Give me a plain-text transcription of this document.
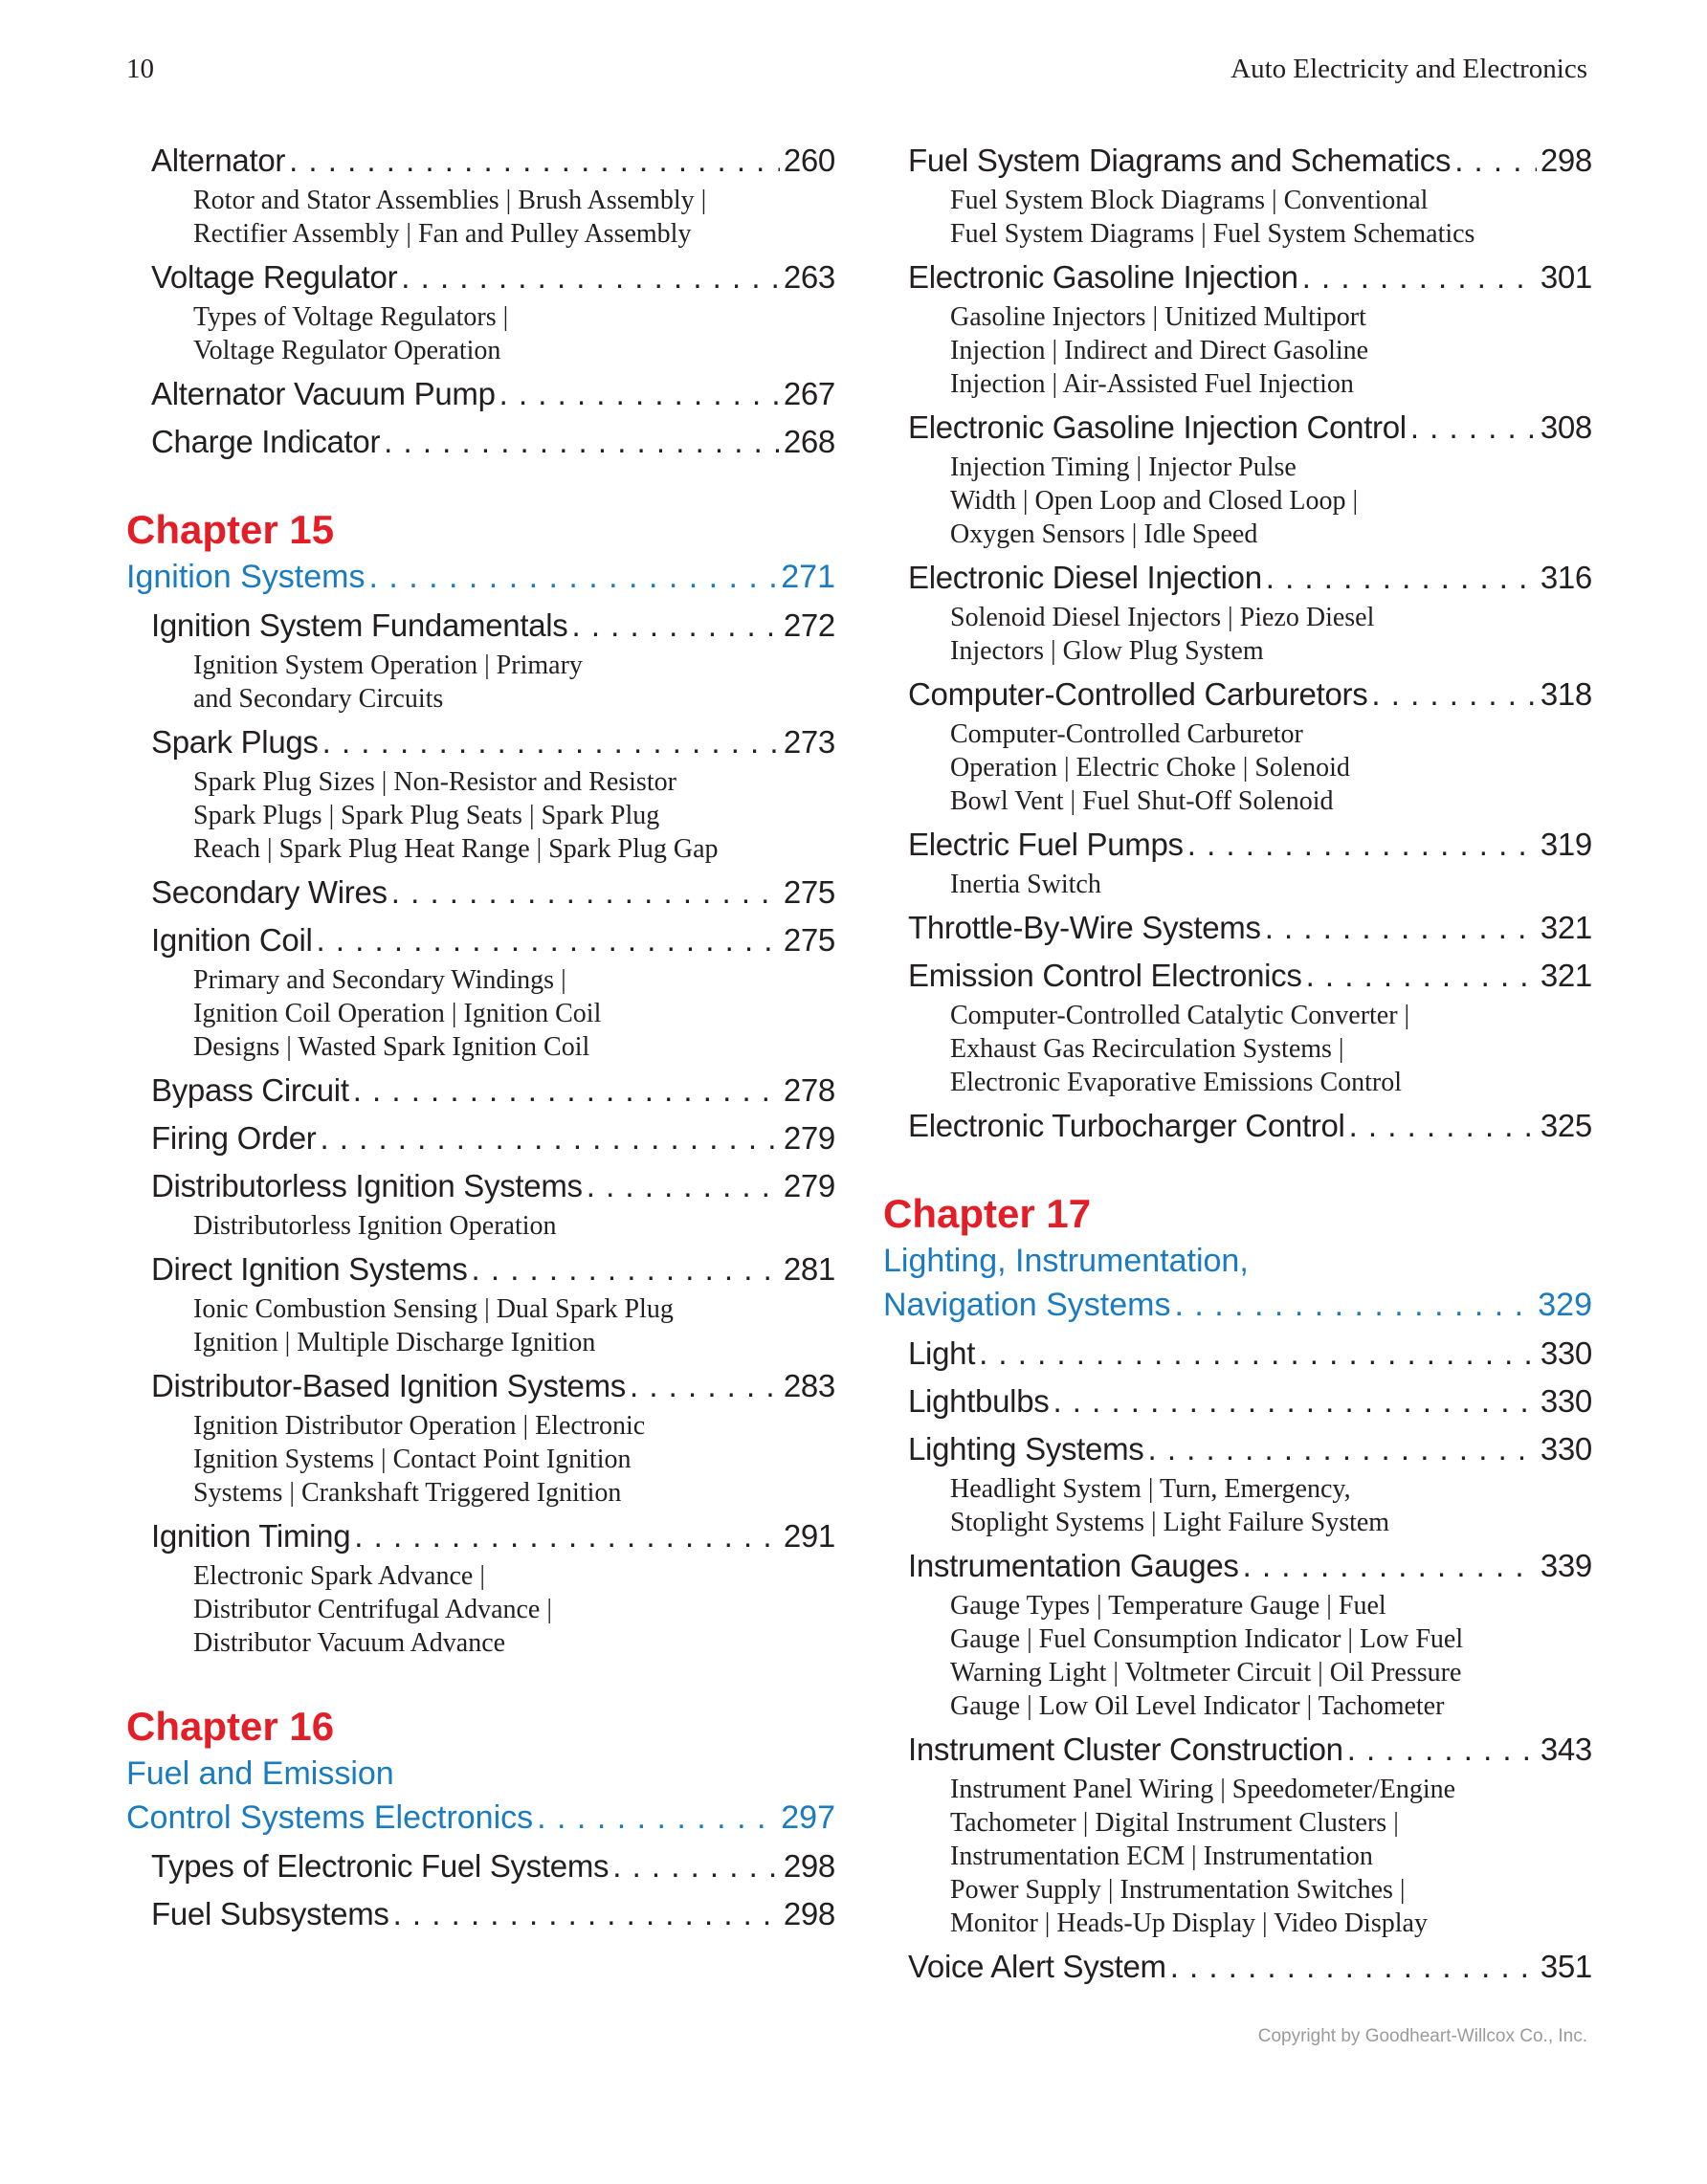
10	Auto Electricity and Electronics
Alternator . . .	260
Rotor and Stator Assemblies | Brush Assembly |
Rectifier Assembly | Fan and Pulley Assembly
Voltage Regulator . . .	263
Types of Voltage Regulators |
Voltage Regulator Operation
Alternator Vacuum Pump . . .	267
Charge Indicator . . .	268
Chapter 15
Ignition Systems . . .	271
Ignition System Fundamentals . . .	272
Ignition System Operation | Primary
and Secondary Circuits
Spark Plugs . . .	273
Spark Plug Sizes | Non-Resistor and Resistor
Spark Plugs | Spark Plug Seats | Spark Plug
Reach | Spark Plug Heat Range | Spark Plug Gap
Secondary Wires . . .	275
Ignition Coil . . .	275
Primary and Secondary Windings |
Ignition Coil Operation | Ignition Coil
Designs | Wasted Spark Ignition Coil
Bypass Circuit . . .	278
Firing Order . . .	279
Distributorless Ignition Systems . . .	279
Distributorless Ignition Operation
Direct Ignition Systems . . .	281
Ionic Combustion Sensing | Dual Spark Plug
Ignition | Multiple Discharge Ignition
Distributor-Based Ignition Systems . . .	283
Ignition Distributor Operation | Electronic
Ignition Systems | Contact Point Ignition
Systems | Crankshaft Triggered Ignition
Ignition Timing . . .	291
Electronic Spark Advance |
Distributor Centrifugal Advance |
Distributor Vacuum Advance
Chapter 16
Fuel and Emission
Control Systems Electronics . . .	297
Types of Electronic Fuel Systems . . .	298
Fuel Subsystems . . .	298
Fuel System Diagrams and Schematics . . .	298
Fuel System Block Diagrams | Conventional
Fuel System Diagrams | Fuel System Schematics
Electronic Gasoline Injection . . .	301
Gasoline Injectors | Unitized Multiport
Injection | Indirect and Direct Gasoline
Injection | Air-Assisted Fuel Injection
Electronic Gasoline Injection Control . . .	308
Injection Timing | Injector Pulse
Width | Open Loop and Closed Loop |
Oxygen Sensors | Idle Speed
Electronic Diesel Injection . . .	316
Solenoid Diesel Injectors | Piezo Diesel
Injectors | Glow Plug System
Computer-Controlled Carburetors . . .	318
Computer-Controlled Carburetor
Operation | Electric Choke | Solenoid
Bowl Vent | Fuel Shut-Off Solenoid
Electric Fuel Pumps . . .	319
Inertia Switch
Throttle-By-Wire Systems . . .	321
Emission Control Electronics . . .	321
Computer-Controlled Catalytic Converter |
Exhaust Gas Recirculation Systems |
Electronic Evaporative Emissions Control
Electronic Turbocharger Control . . .	325
Chapter 17
Lighting, Instrumentation,
Navigation Systems . . .	329
Light . . .	330
Lightbulbs . . .	330
Lighting Systems . . .	330
Headlight System | Turn, Emergency,
Stoplight Systems | Light Failure System
Instrumentation Gauges . . .	339
Gauge Types | Temperature Gauge | Fuel
Gauge | Fuel Consumption Indicator | Low Fuel
Warning Light | Voltmeter Circuit | Oil Pressure
Gauge | Low Oil Level Indicator | Tachometer
Instrument Cluster Construction . . .	343
Instrument Panel Wiring | Speedometer/Engine
Tachometer | Digital Instrument Clusters |
Instrumentation ECM | Instrumentation
Power Supply | Instrumentation Switches |
Monitor | Heads-Up Display | Video Display
Voice Alert System . . .	351
Copyright by Goodheart-Willcox Co., Inc.
